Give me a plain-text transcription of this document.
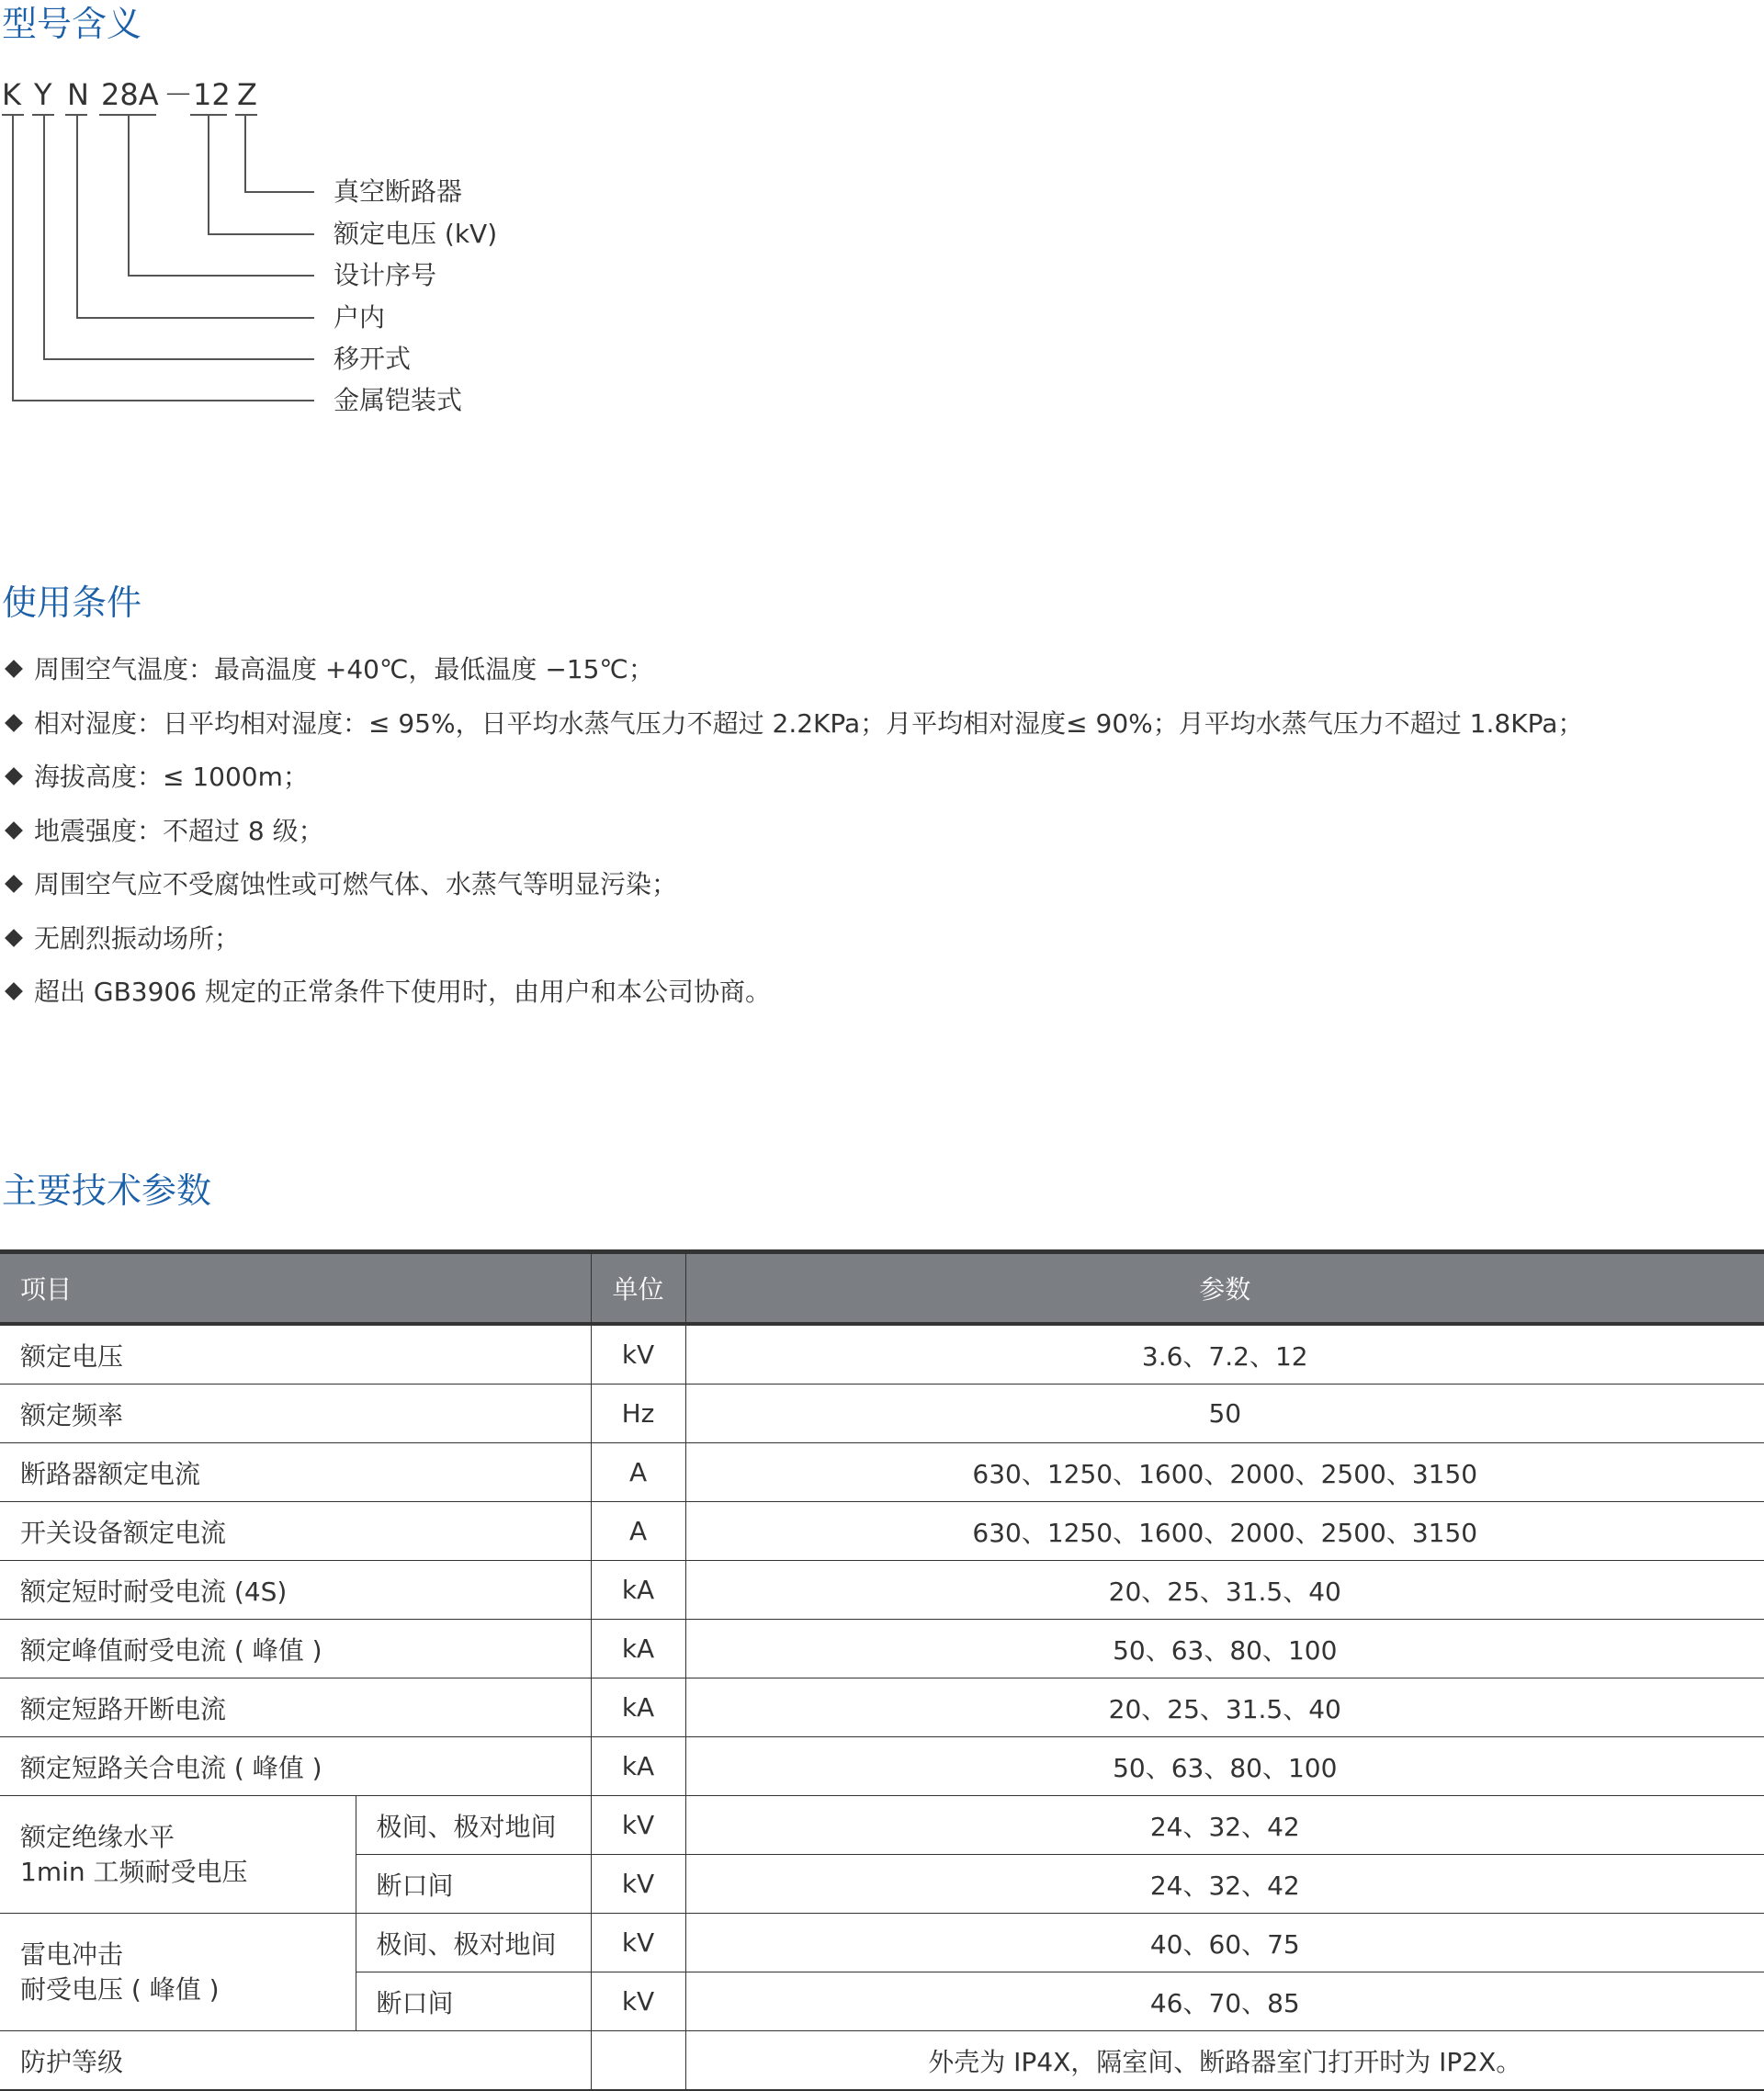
型号含义
K Y N 28A － 12 Z
真空断路器
额定电压 (kV)
设计序号
户内
移开式
金属铠装式
使用条件
周围空气温度：最高温度 +40℃，最低温度 −15℃；
相对湿度：日平均相对湿度：≤ 95%，日平均水蒸气压力不超过 2.2KPa；月平均相对湿度≤ 90%；月平均水蒸气压力不超过 1.8KPa；
海拔高度：≤ 1000m；
地震强度：不超过 8 级；
周围空气应不受腐蚀性或可燃气体、水蒸气等明显污染；
无剧烈振动场所；
超出 GB3906 规定的正常条件下使用时，由用户和本公司协商。
主要技术参数
项目		单位	参数
额定电压		kV	3.6、7.2、12
额定频率		Hz	50
断路器额定电流		A	630、1250、1600、2000、2500、3150
开关设备额定电流		A	630、1250、1600、2000、2500、3150
额定短时耐受电流 (4S)		kA	20、25、31.5、40
额定峰值耐受电流 ( 峰值 )		kA	50、63、80、100
额定短路开断电流		kA	20、25、31.5、40
额定短路关合电流 ( 峰值 )		kA	50、63、80、100
额定绝缘水平
1min 工频耐受电压	极间、极对地间	kV	24、32、42
	断口间	kV	24、32、42
雷电冲击
耐受电压 ( 峰值 )	极间、极对地间	kV	40、60、75
	断口间	kV	46、70、85
防护等级			外壳为 IP4X，隔室间、断路器室门打开时为 IP2X。
